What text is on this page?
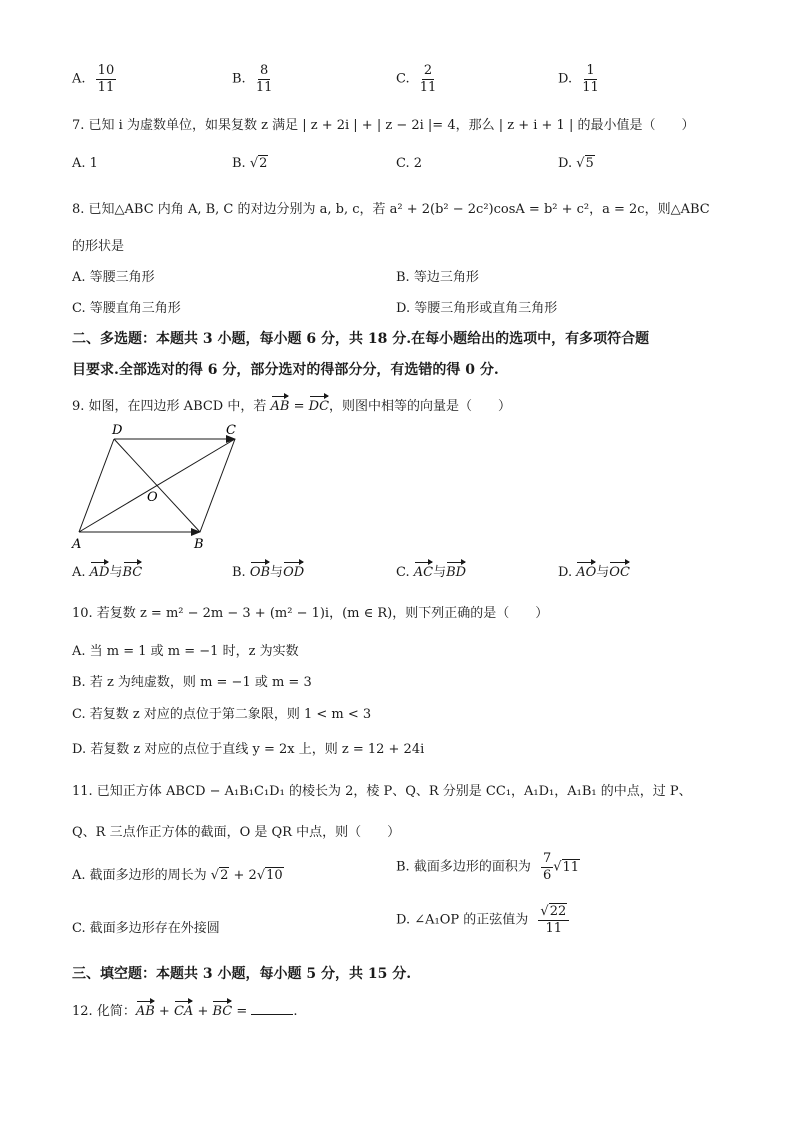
A. $\frac{10}{11}$	B. $\frac{8}{11}$	C. $\frac{2}{11}$	D. $\frac{1}{11}$
7. 已知 i 为虚数单位，如果复数 z 满足 | z + 2i | + | z − 2i |= 4，那么 | z + i + 1 | 的最小值是（　　）
A. 1	B. √2	C. 2	D. √5
8. 已知△ABC 内角 A, B, C 的对边分别为 a, b, c，若 a² + 2(b² − 2c²)cosA = b² + c²，a = 2c，则△ABC
的形状是
A. 等腰三角形	B. 等边三角形
C. 等腰直角三角形	D. 等腰三角形或直角三角形
二、多选题：本题共 3 小题，每小题 6 分，共 18 分.在每小题给出的选项中，有多项符合题
目要求.全部选对的得 6 分，部分选对的得部分分，有选错的得 0 分.
9. 如图，在四边形 ABCD 中，若 AB = DC，则图中相等的向量是（　　）
D	C
O
A	B
A. AD与BC	B. OB与OD	C. AC与BD	D. AO与OC
10. 若复数 z = m² − 2m − 3 + (m² − 1)i，(m ∈ R)，则下列正确的是（　　）
A. 当 m = 1 或 m = −1 时，z 为实数
B. 若 z 为纯虚数，则 m = −1 或 m = 3
C. 若复数 z 对应的点位于第二象限，则 1 < m < 3
D. 若复数 z 对应的点位于直线 y = 2x 上，则 z = 12 + 24i
11. 已知正方体 ABCD − A₁B₁C₁D₁ 的棱长为 2，棱 P、Q、R 分别是 CC₁，A₁D₁，A₁B₁ 的中点，过 P、
Q、R 三点作正方体的截面，O 是 QR 中点，则（　　）
A. 截面多边形的周长为 √2 + 2√10
B. 截面多边形的面积为 $\frac{7}{6} √11$
C. 截面多边形存在外接圆
D. ∠A₁OP 的正弦值为 $\frac{√22}{11}$
三、填空题：本题共 3 小题，每小题 5 分，共 15 分.
12. 化简：AB + CA + BC =	.
